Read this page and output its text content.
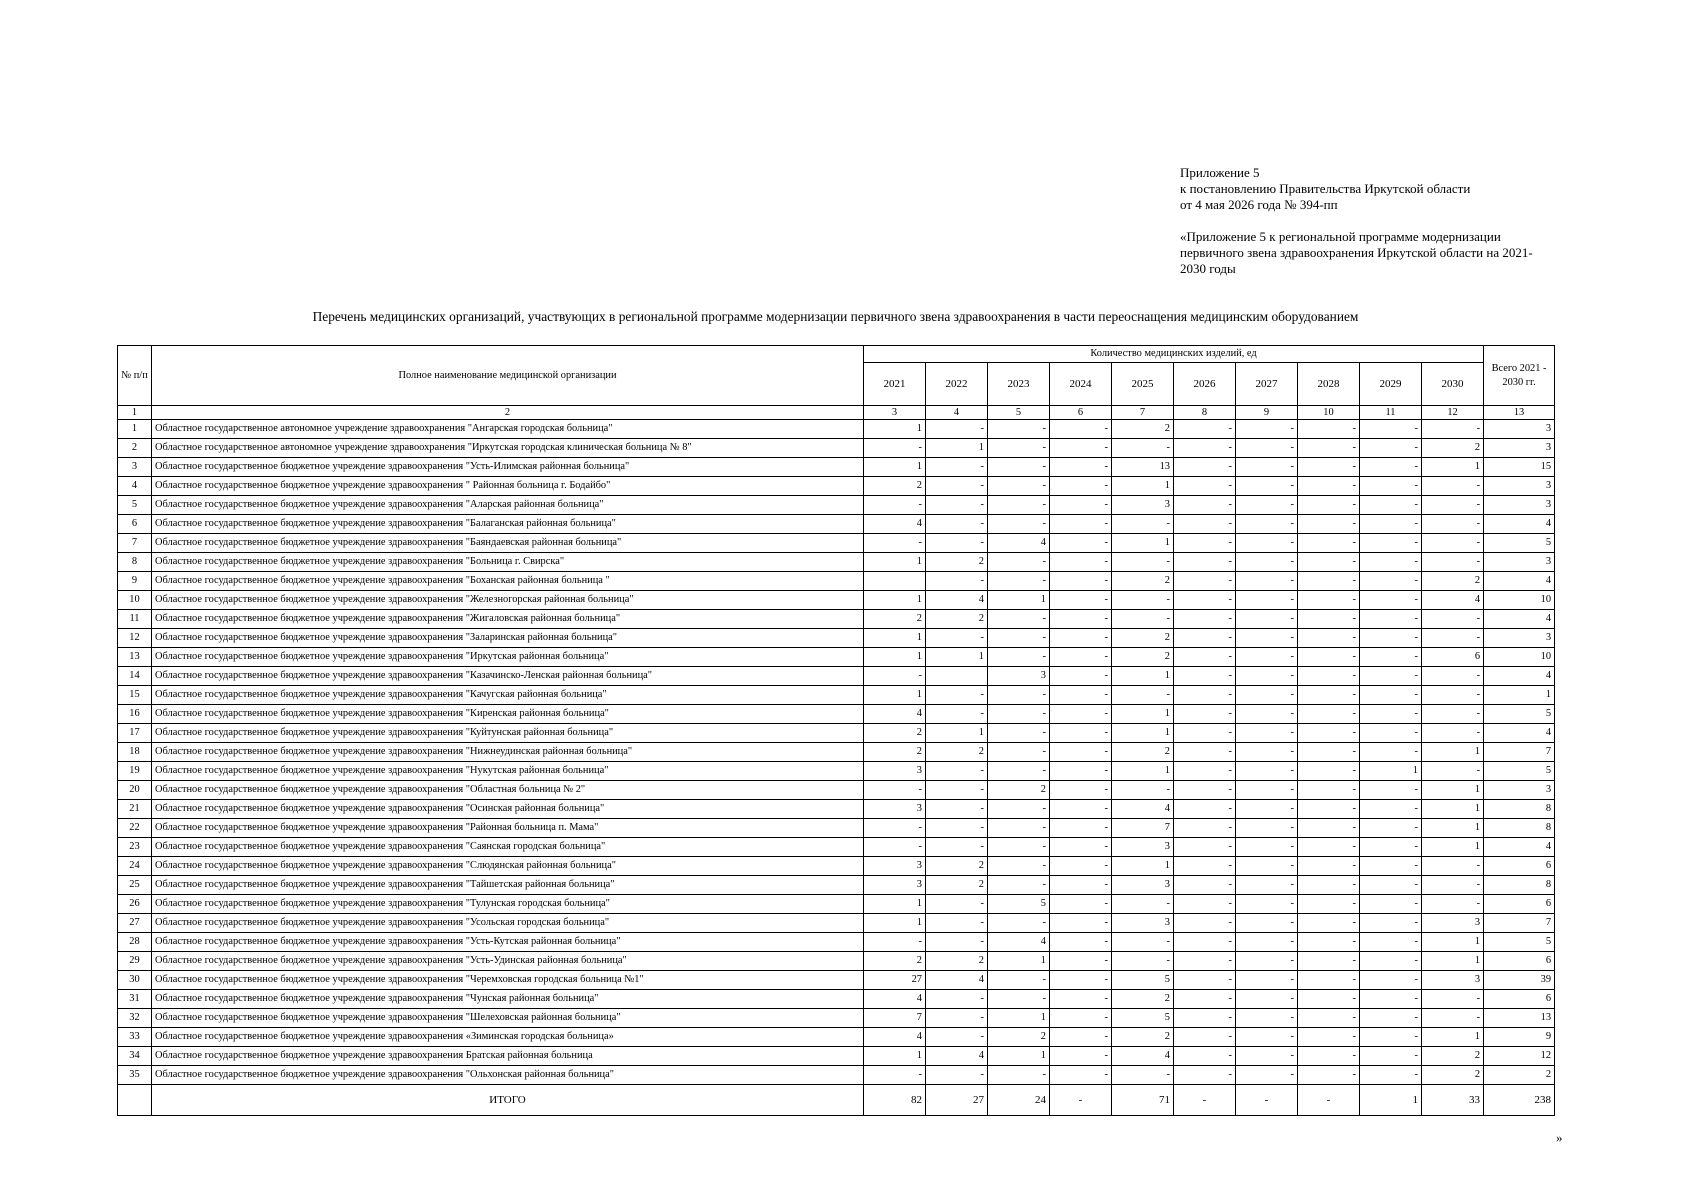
Приложение 5
к постановлению Правительства Иркутской области
от 4 мая 2026 года № 394-пп
«Приложение 5 к региональной программе модернизации
первичного звена здравоохранения Иркутской области на 2021-
2030 годы
Перечень медицинских организаций, участвующих в региональной программе модернизации первичного звена здравоохранения в части переоснащения медицинским оборудованием
№ п/п	Полное наименование медицинской организации	Количество медицинских изделий, ед										Всего 2021 - 2030 гг.
		2021	2022	2023	2024	2025	2026	2027	2028	2029	2030	
1	2	3	4	5	6	7	8	9	10	11	12	13
1	Областное государственное автономное учреждение здравоохранения "Ангарская городская больница"	1	-	-	-	2	-	-	-	-	-	3
2	Областное государственное автономное учреждение здравоохранения "Иркутская городская клиническая больница № 8"	-	1	-	-	-	-	-	-	-	2	3
3	Областное государственное бюджетное учреждение здравоохранения "Усть-Илимская районная больница"	1	-	-	-	13	-	-	-	-	1	15
4	Областное государственное бюджетное учреждение здравоохранения " Районная больница г. Бодайбо"	2	-	-	-	1	-	-	-	-	-	3
5	Областное государственное бюджетное учреждение здравоохранения "Аларская районная больница"	-	-	-	-	3	-	-	-	-	-	3
6	Областное государственное бюджетное учреждение здравоохранения "Балаганская районная больница"	4	-	-	-	-	-	-	-	-	-	4
7	Областное государственное бюджетное учреждение здравоохранения "Баяндаевская районная больница"	-	-	4	-	1	-	-	-	-	-	5
8	Областное государственное бюджетное учреждение здравоохранения "Больница г. Свирска"	1	2	-	-	-	-	-	-	-	-	3
9	Областное государственное бюджетное учреждение здравоохранения "Боханская районная больница "		-	-	-	2	-	-	-	-	2	4
10	Областное государственное бюджетное учреждение здравоохранения "Железногорская районная больница"	1	4	1	-	-	-	-	-	-	4	10
11	Областное государственное бюджетное учреждение здравоохранения "Жигаловская районная больница"	2	2	-	-	-	-	-	-	-	-	4
12	Областное государственное бюджетное учреждение здравоохранения "Заларинская районная больница"	1	-	-	-	2	-	-	-	-	-	3
13	Областное государственное бюджетное учреждение здравоохранения "Иркутская районная больница"	1	1	-	-	2	-	-	-	-	6	10
14	Областное государственное бюджетное учреждение здравоохранения "Казачинско-Ленская районная больница"	-		3	-	1	-	-	-	-	-	4
15	Областное государственное бюджетное учреждение здравоохранения "Качугская районная больница"	1	-	-	-	-	-	-	-	-	-	1
16	Областное государственное бюджетное учреждение здравоохранения "Киренская районная больница"	4	-	-	-	1	-	-	-	-	-	5
17	Областное государственное бюджетное учреждение здравоохранения "Куйтунская районная больница"	2	1	-	-	1	-	-	-	-	-	4
18	Областное государственное бюджетное учреждение здравоохранения "Нижнеудинская районная больница"	2	2	-	-	2	-	-	-	-	1	7
19	Областное государственное бюджетное учреждение здравоохранения "Нукутская районная больница"	3	-	-	-	1	-	-	-	1	-	5
20	Областное государственное бюджетное учреждение здравоохранения "Областная больница № 2"	-	-	2	-	-	-	-	-	-	1	3
21	Областное государственное бюджетное учреждение здравоохранения "Осинская районная больница"	3	-	-	-	4	-	-	-	-	1	8
22	Областное государственное бюджетное учреждение здравоохранения "Районная больница п. Мама"	-	-	-	-	7	-	-	-	-	1	8
23	Областное государственное бюджетное учреждение здравоохранения "Саянская городская больница"	-	-	-	-	3	-	-	-	-	1	4
24	Областное государственное бюджетное учреждение здравоохранения "Слюдянская районная больница"	3	2	-	-	1	-	-	-	-	-	6
25	Областное государственное бюджетное учреждение здравоохранения "Тайшетская районная больница"	3	2	-	-	3	-	-	-	-	-	8
26	Областное государственное бюджетное учреждение здравоохранения "Тулунская городская больница"	1	-	5	-	-	-	-	-	-	-	6
27	Областное государственное бюджетное учреждение здравоохранения "Усольская городская больница"	1	-	-	-	3	-	-	-	-	3	7
28	Областное государственное бюджетное учреждение здравоохранения "Усть-Кутская районная больница"	-	-	4	-	-	-	-	-	-	1	5
29	Областное государственное бюджетное учреждение здравоохранения "Усть-Удинская районная больница"	2	2	1	-	-	-	-	-	-	1	6
30	Областное государственное бюджетное учреждение здравоохранения "Черемховская городская больница №1"	27	4	-	-	5	-	-	-	-	3	39
31	Областное государственное бюджетное учреждение здравоохранения "Чунская районная больница"	4	-	-	-	2	-	-	-	-	-	6
32	Областное государственное бюджетное учреждение здравоохранения "Шелеховская районная больница"	7	-	1	-	5	-	-	-	-	-	13
33	Областное государственное бюджетное учреждение здравоохранения «Зиминская городская больница»	4	-	2	-	2	-	-	-	-	1	9
34	Областное государственное бюджетное учреждение здравоохранения Братская районная больница	1	4	1	-	4	-	-	-	-	2	12
35	Областное государственное бюджетное учреждение здравоохранения "Ольхонская районная больница"	-	-	-	-	-	-	-	-	-	2	2
	ИТОГО	82	27	24	-	71	-	-	-	1	33	238
»
